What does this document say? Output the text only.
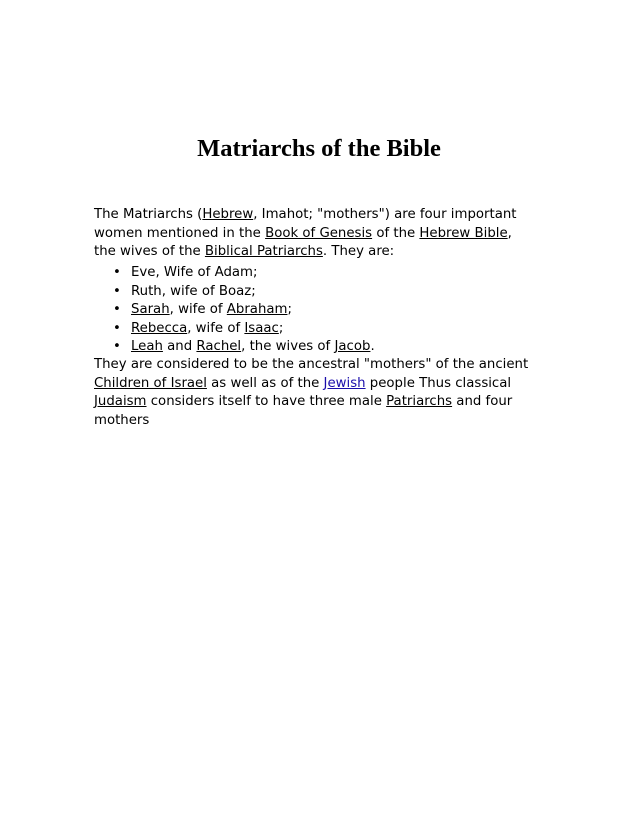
Matriarchs of the Bible

The Matriarchs (Hebrew, Imahot; "mothers") are four important women mentioned in the Book of Genesis of the Hebrew Bible, the wives of the Biblical Patriarchs. They are:

• Eve, Wife of Adam;
• Ruth, wife of Boaz;
• Sarah, wife of Abraham;
• Rebecca, wife of Isaac;
• Leah and Rachel, the wives of Jacob.

They are considered to be the ancestral "mothers" of the ancient Children of Israel as well as of the Jewish people Thus classical Judaism considers itself to have three male Patriarchs and four mothers
